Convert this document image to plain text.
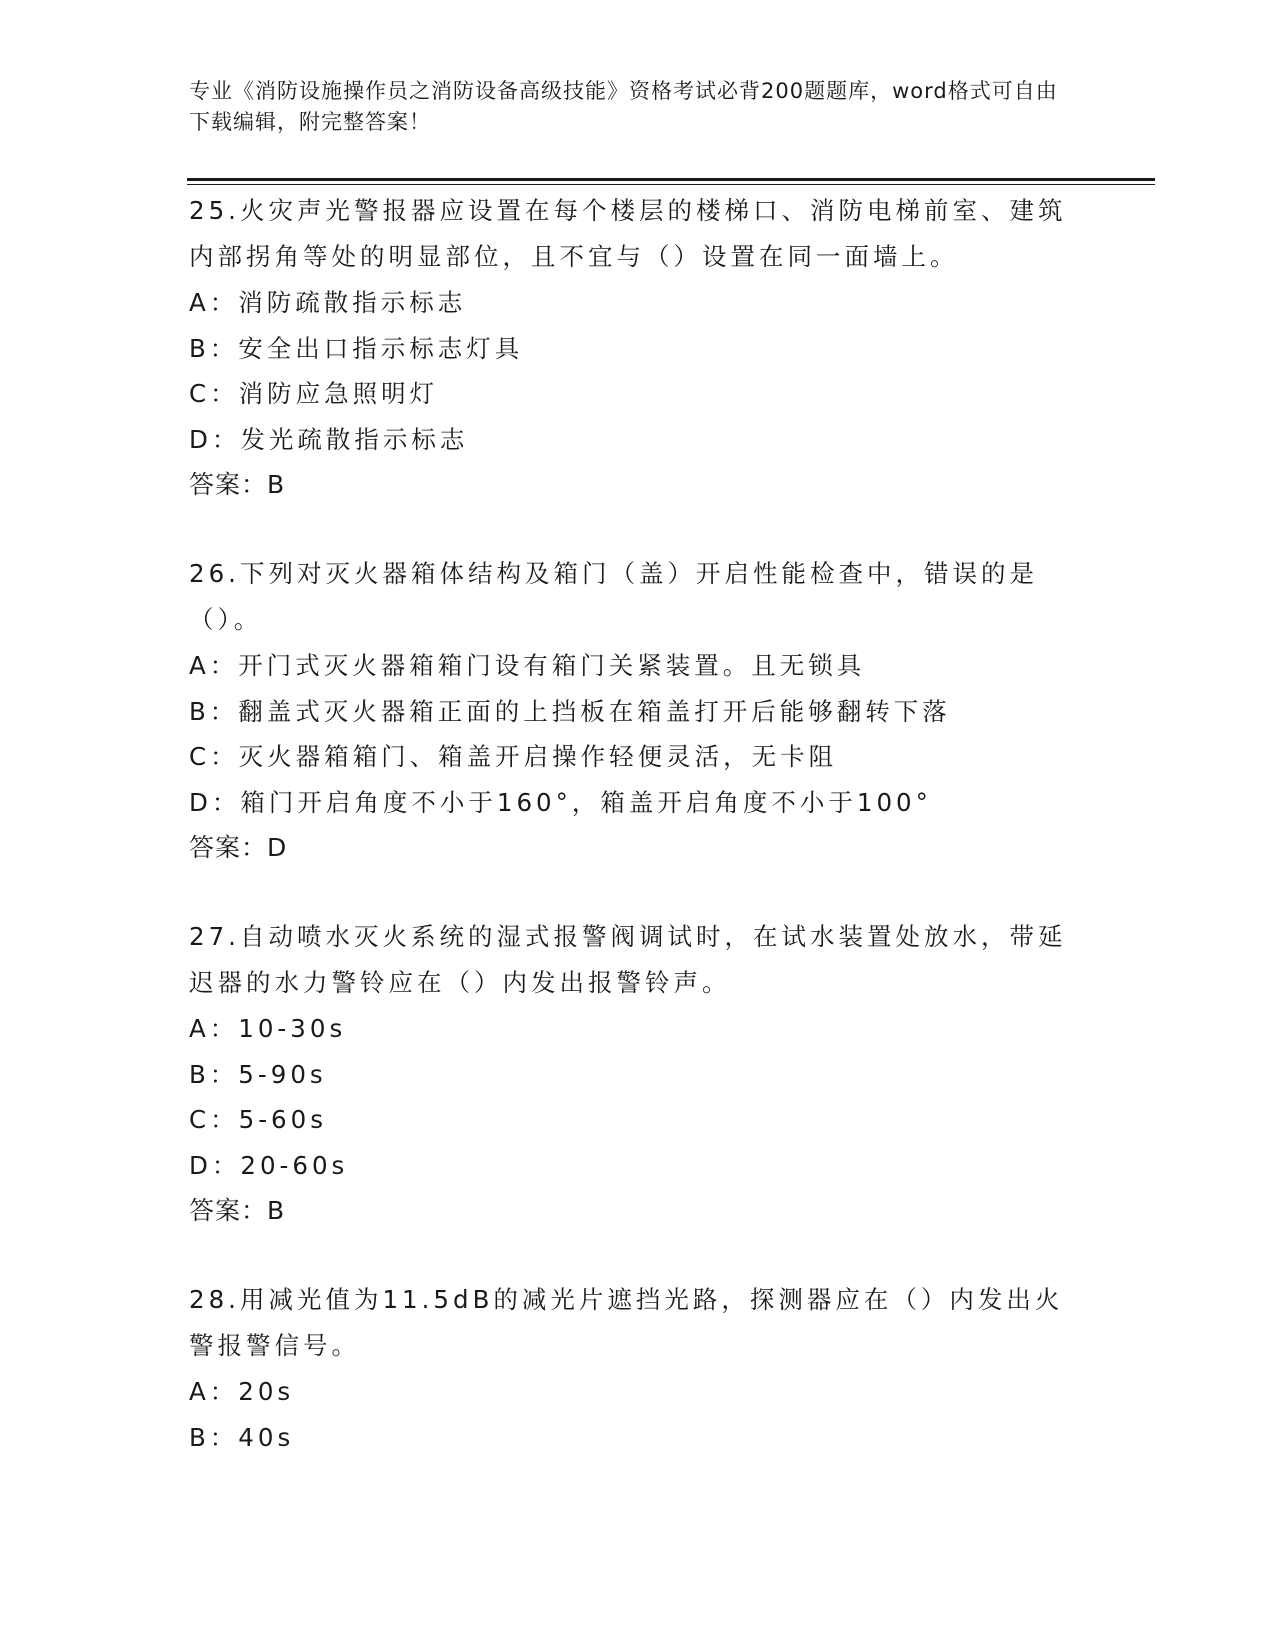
专业《消防设施操作员之消防设备高级技能》资格考试必背200题题库，word格式可自由下载编辑，附完整答案！
25.火灾声光警报器应设置在每个楼层的楼梯口、消防电梯前室、建筑内部拐角等处的明显部位，且不宜与（）设置在同一面墙上。
A：消防疏散指示标志
B：安全出口指示标志灯具
C：消防应急照明灯
D：发光疏散指示标志
答案：B
26.下列对灭火器箱体结构及箱门（盖）开启性能检查中，错误的是（）。
A：开门式灭火器箱箱门设有箱门关紧装置。且无锁具
B：翻盖式灭火器箱正面的上挡板在箱盖打开后能够翻转下落
C：灭火器箱箱门、箱盖开启操作轻便灵活，无卡阻
D：箱门开启角度不小于160°，箱盖开启角度不小于100°
答案：D
27.自动喷水灭火系统的湿式报警阀调试时，在试水装置处放水，带延迟器的水力警铃应在（）内发出报警铃声。
A：10-30s
B：5-90s
C：5-60s
D：20-60s
答案：B
28.用减光值为11.5dB的减光片遮挡光路，探测器应在（）内发出火警报警信号。
A：20s
B：40s
